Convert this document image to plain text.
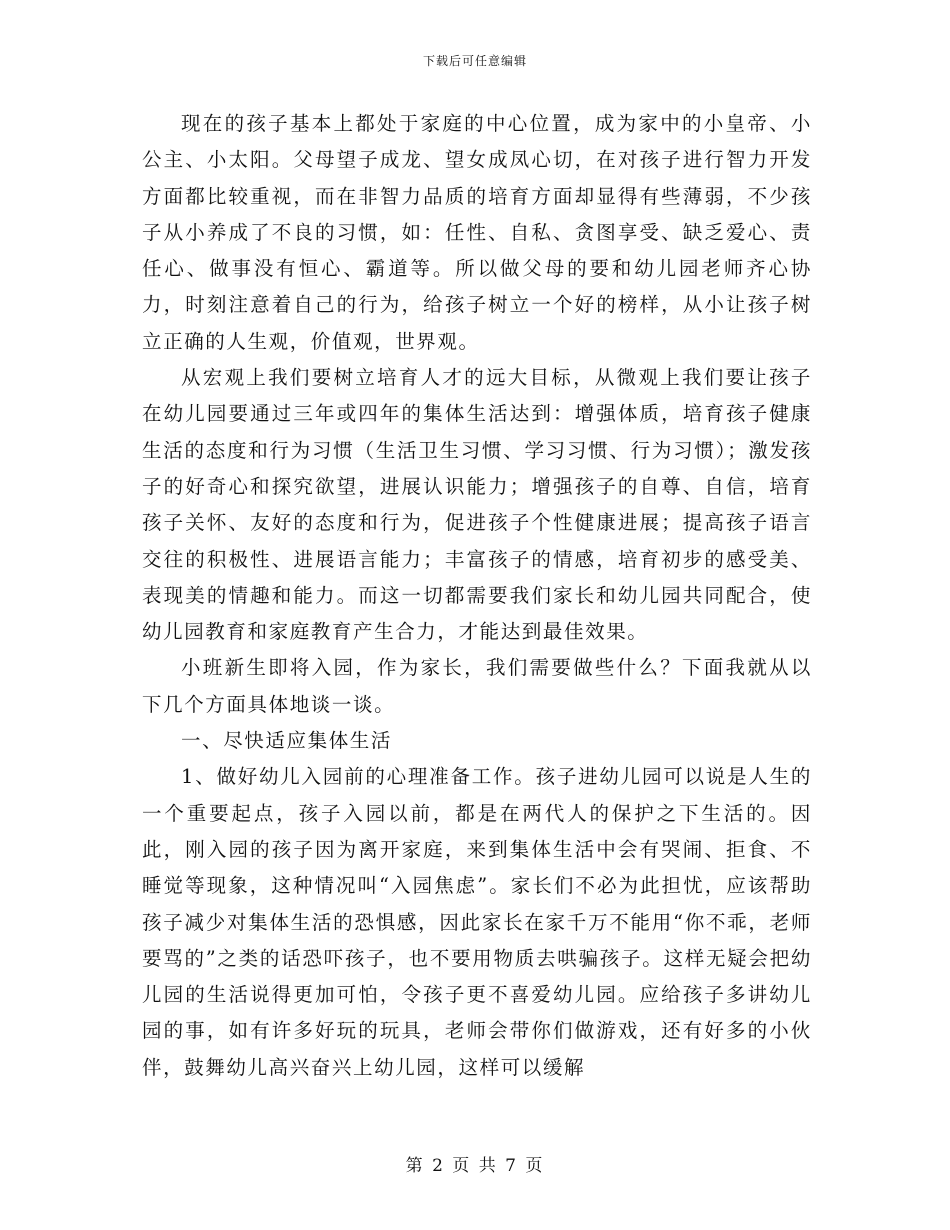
下载后可任意编辑

现在的孩子基本上都处于家庭的中心位置，成为家中的小皇帝、小公主、小太阳。父母望子成龙、望女成凤心切，在对孩子进行智力开发方面都比较重视，而在非智力品质的培育方面却显得有些薄弱，不少孩子从小养成了不良的习惯，如：任性、自私、贪图享受、缺乏爱心、责任心、做事没有恒心、霸道等。所以做父母的要和幼儿园老师齐心协力，时刻注意着自己的行为，给孩子树立一个好的榜样，从小让孩子树立正确的人生观，价值观，世界观。

从宏观上我们要树立培育人才的远大目标，从微观上我们要让孩子在幼儿园要通过三年或四年的集体生活达到：增强体质，培育孩子健康生活的态度和行为习惯（生活卫生习惯、学习习惯、行为习惯）；激发孩子的好奇心和探究欲望，进展认识能力；增强孩子的自尊、自信，培育孩子关怀、友好的态度和行为，促进孩子个性健康进展；提高孩子语言交往的积极性、进展语言能力；丰富孩子的情感，培育初步的感受美、表现美的情趣和能力。而这一切都需要我们家长和幼儿园共同配合，使幼儿园教育和家庭教育产生合力，才能达到最佳效果。

小班新生即将入园，作为家长，我们需要做些什么？下面我就从以下几个方面具体地谈一谈。

一、尽快适应集体生活

1、做好幼儿入园前的心理准备工作。孩子进幼儿园可以说是人生的一个重要起点，孩子入园以前，都是在两代人的保护之下生活的。因此，刚入园的孩子因为离开家庭，来到集体生活中会有哭闹、拒食、不睡觉等现象，这种情况叫“入园焦虑”。家长们不必为此担忧，应该帮助孩子减少对集体生活的恐惧感，因此家长在家千万不能用“你不乖，老师要骂的”之类的话恐吓孩子，也不要用物质去哄骗孩子。这样无疑会把幼儿园的生活说得更加可怕，令孩子更不喜爱幼儿园。应给孩子多讲幼儿园的事，如有许多好玩的玩具，老师会带你们做游戏，还有好多的小伙伴，鼓舞幼儿高兴奋兴上幼儿园，这样可以缓解

第 2 页 共 7 页
